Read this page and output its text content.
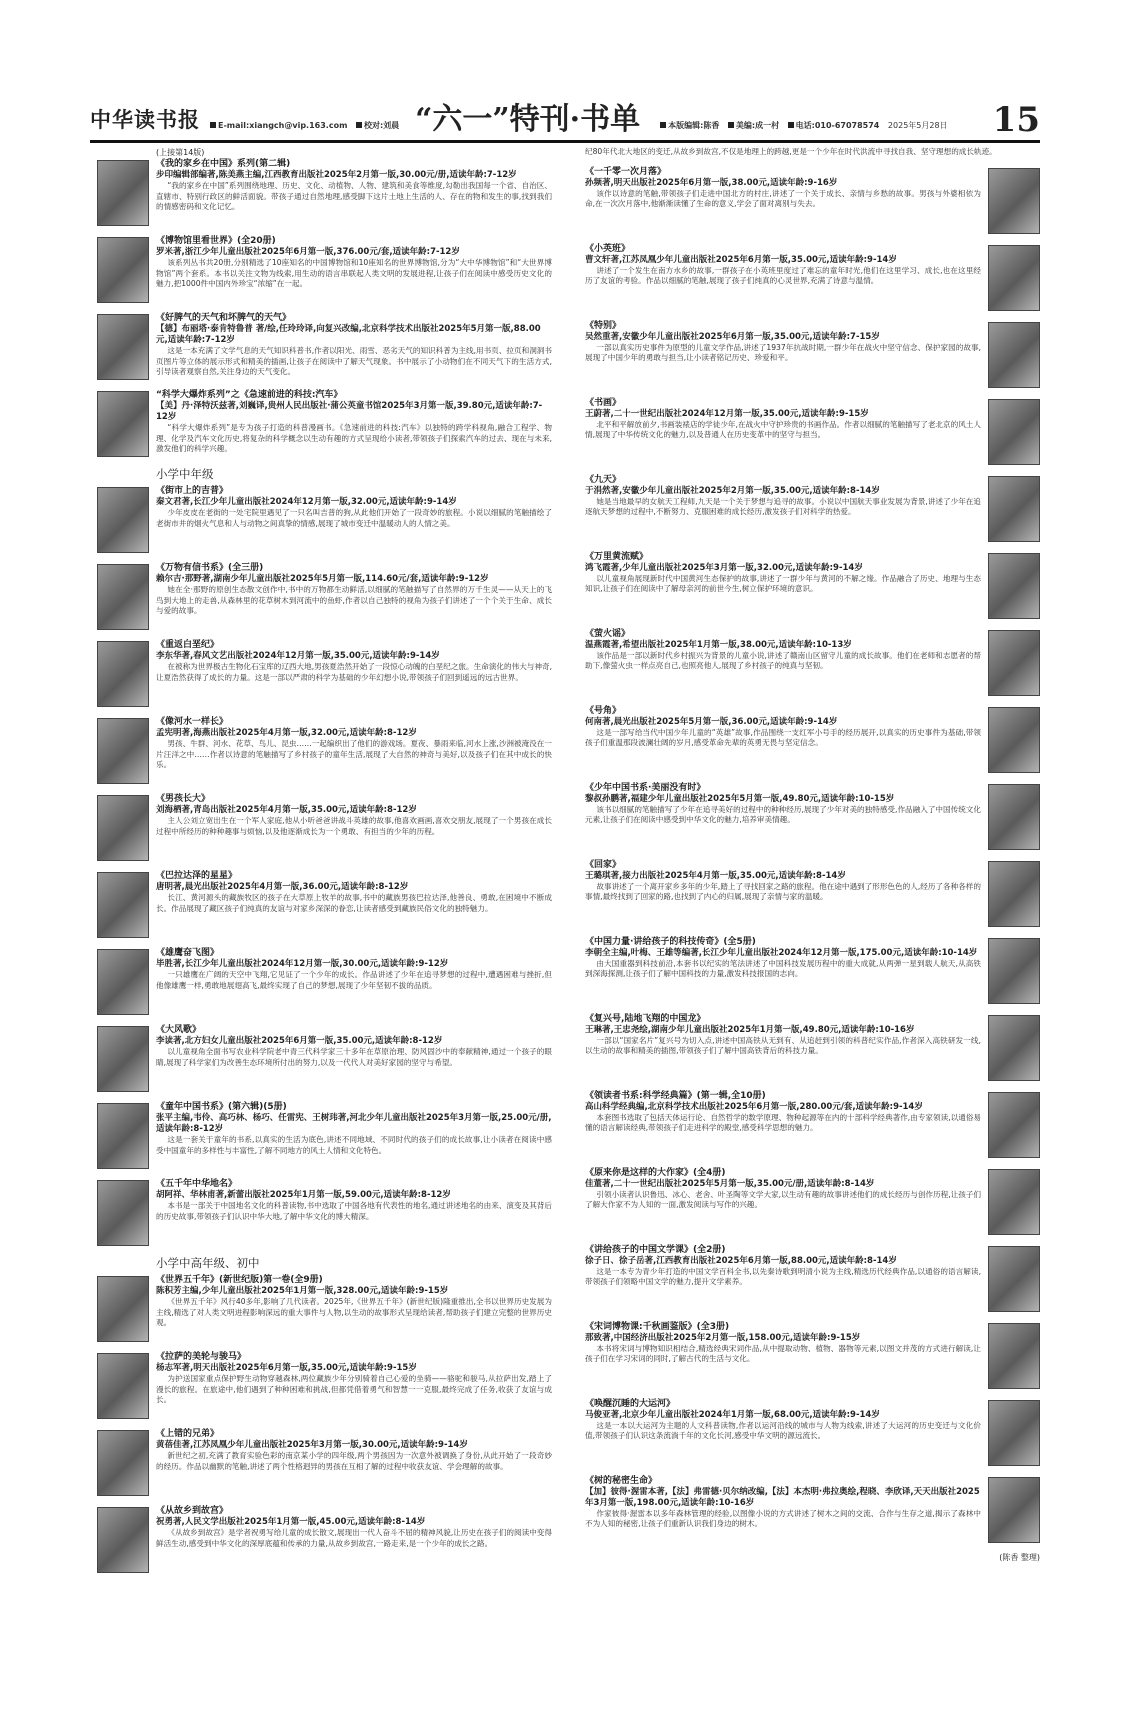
中华读书报	E-mail:xiangch@vip.163.com 校对:刘晨 “六一”特刊·书单	本版编辑:陈香 美编:成一村 电话:010-67078574 2025年5月28日 15
(上接第14版)
《我的家乡在中国》系列(第二辑)
步印编辑部编著,陈美燕主编,江西教育出版社2025年2月第一版,30.00元/册,适读年龄:7-12岁
“我的家乡在中国”系列围绕地理、历史、文化、动植物、人物、建筑和美食等维度,勾勒出我国每一个省、自治区、直辖市、特别行政区的鲜活面貌。带孩子通过自然地理,感受脚下这片土地上生活的人、存在的物和发生的事,找到我们的情感密码和文化记忆。
《博物馆里看世界》(全20册)
罗米著,浙江少年儿童出版社2025年6月第一版,376.00元/套,适读年龄:7-12岁
该系列丛书共20册,分别精选了10座知名的中国博物馆和10座知名的世界博物馆,分为“大中华博物馆”和“大世界博物馆”两个套系。本书以关注文物为线索,用生动的语言串联起人类文明的发展进程,让孩子们在阅读中感受历史文化的魅力,把1000件中国内外珍宝“浓缩”在一起。
《好脾气的天气和坏脾气的天气》
【德】布丽塔·泰肯特鲁普 著/绘,任玲玲译,向复兴改编,北京科学技术出版社2025年5月第一版,88.00元,适读年龄:7-12岁
这是一本充满了文学气息的天气知识科普书,作者以阳光、雨雪、恶劣天气的知识科普为主线,用书页、拉页和洞洞书页图片等立体的展示形式和精美的插画,让孩子在阅读中了解天气现象。书中展示了小动物们在不同天气下的生活方式,引导读者观察自然,关注身边的天气变化。
“科学大爆炸系列”之《急速前进的科技:汽车》
【美】丹·泽特沃兹著,刘巍译,贵州人民出版社·蒲公英童书馆2025年3月第一版,39.80元,适读年龄:7-12岁
“科学大爆炸系列”是专为孩子打造的科普漫画书。《急速前进的科技:汽车》以独特的跨学科视角,融合工程学、物理、化学及汽车文化历史,将复杂的科学概念以生动有趣的方式呈现给小读者,带领孩子们探索汽车的过去、现在与未来,激发他们的科学兴趣。
小学中年级
《街市上的吉普》
秦文君著,长江少年儿童出版社2024年12月第一版,32.00元,适读年龄:9-14岁
少年皮皮在老街的一处宅院里遇见了一只名叫吉普的狗,从此他们开始了一段奇妙的旅程。小说以细腻的笔触描绘了老街市井的烟火气息和人与动物之间真挚的情感,展现了城市变迁中温暖动人的人情之美。
《万物有信书系》(全三册)
赖尔吉·那野著,湖南少年儿童出版社2025年5月第一版,114.60元/套,适读年龄:9-12岁
她在全·那野的原创生态散文创作中,书中的万物都生动鲜活,以细腻的笔触描写了自然界的万千生灵——从天上的飞鸟到大地上的走兽,从森林里的花草树木到河流中的鱼虾,作者以自己独特的视角为孩子们讲述了一个个关于生命、成长与爱的故事。
《重返白垩纪》
李东华著,春风文艺出版社2024年12月第一版,35.00元,适读年龄:9-14岁
在被称为世界极古生物化石宝库的辽西大地,男孩夏浩然开始了一段惊心动魄的白垩纪之旅。生命演化的伟大与神奇,让夏浩然获得了成长的力量。这是一部以严肃的科学为基础的少年幻想小说,带领孩子们回到遥远的远古世界。
《像河水一样长》
孟宪明著,海燕出版社2025年4月第一版,32.00元,适读年龄:8-12岁
男孩、牛群、河水、花草、鸟儿、昆虫……一起编织出了他们的游戏场。夏夜、暴雨来临,河水上涨,沙洲被淹没在一片汪洋之中……作者以诗意的笔触描写了乡村孩子的童年生活,展现了大自然的神奇与美好,以及孩子们在其中成长的快乐。
《男孩长大》
刘海栖著,青岛出版社2025年4月第一版,35.00元,适读年龄:8-12岁
主人公刘立宽出生在一个军人家庭,他从小听爸爸讲战斗英雄的故事,他喜欢画画,喜欢交朋友,展现了一个男孩在成长过程中所经历的种种趣事与烦恼,以及他逐渐成长为一个勇敢、有担当的少年的历程。
《巴拉达泽的星星》
唐明著,晨光出版社2025年4月第一版,36.00元,适读年龄:8-12岁
长江、黄河源头的藏族牧区的孩子在大草原上牧羊的故事,书中的藏族男孩巴拉达泽,他善良、勇敢,在困境中不断成长。作品展现了藏区孩子们纯真的友谊与对家乡深深的眷恋,让读者感受到藏族民俗文化的独特魅力。
《雄鹰奋飞图》
毕胜著,长江少年儿童出版社2024年12月第一版,30.00元,适读年龄:9-12岁
一只雄鹰在广阔的天空中飞翔,它见证了一个少年的成长。作品讲述了少年在追寻梦想的过程中,遭遇困难与挫折,但他像雄鹰一样,勇敢地展翅高飞,最终实现了自己的梦想,展现了少年坚韧不拔的品质。
《大风歌》
李读著,北方妇女儿童出版社2025年6月第一版,35.00元,适读年龄:8-12岁
以儿童视角全面书写农业科学院老中青三代科学家三十多年在草原治理、防风固沙中的奉献精神,通过一个孩子的眼睛,展现了科学家们为改善生态环境所付出的努力,以及一代代人对美好家园的坚守与希望。
《童年中国书系》(第六辑)(5册)
张平主编,韦伶、高巧林、杨巧、任雷宪、王树玮著,河北少年儿童出版社2025年3月第一版,25.00元/册,适读年龄:8-12岁
这是一套关于童年的书系,以真实的生活为底色,讲述不同地域、不同时代的孩子们的成长故事,让小读者在阅读中感受中国童年的多样性与丰富性,了解不同地方的风土人情和文化特色。
《五千年中华地名》
胡阿祥、华林甫著,新蕾出版社2025年1月第一版,59.00元,适读年龄:8-12岁
本书是一部关于中国地名文化的科普读物,书中选取了中国各地有代表性的地名,通过讲述地名的由来、演变及其背后的历史故事,带领孩子们认识中华大地,了解中华文化的博大精深。
小学中高年级、初中
《世界五千年》(新世纪版)第一卷(全9册)
陈积芳主编,少年儿童出版社2025年1月第一版,328.00元,适读年龄:9-15岁
《世界五千年》风行40多年,影响了几代读者。2025年,《世界五千年》(新世纪版)隆重推出,全书以世界历史发展为主线,精选了对人类文明进程影响深远的重大事件与人物,以生动的故事形式呈现给读者,帮助孩子们建立完整的世界历史观。
《拉萨的美轮与骏马》
杨志军著,明天出版社2025年6月第一版,35.00元,适读年龄:9-15岁
为护送国家重点保护野生动物穿越森林,两位藏族少年分别骑着自己心爱的坐骑——骆驼和骏马,从拉萨出发,踏上了漫长的旅程。在旅途中,他们遇到了种种困难和挑战,但都凭借着勇气和智慧一一克服,最终完成了任务,收获了友谊与成长。
《上错的兄弟》
黄蓓佳著,江苏凤凰少年儿童出版社2025年3月第一版,30.00元,适读年龄:9-14岁
新世纪之初,充满了教育实验色彩的南京某小学的四年级,两个男孩因为一次意外被调换了身份,从此开始了一段奇妙的经历。作品以幽默的笔触,讲述了两个性格迥异的男孩在互相了解的过程中收获友谊、学会理解的故事。
《从故乡到故宫》
祝勇著,人民文学出版社2025年1月第一版,45.00元,适读年龄:8-14岁
《从故乡到故宫》是学者祝勇写给儿童的成长散文,展现出一代人奋斗不屈的精神风貌,让历史在孩子们的阅读中变得鲜活生动,感受到中华文化的深厚底蕴和传承的力量,从故乡到故宫,一路走来,是一个少年的成长之路。
纪80年代北大地区的变迁,从故乡到故宫,不仅是地理上的跨越,更是一个少年在时代洪流中寻找自我、坚守理想的成长轨迹。
《一千零一次月落》
孙频著,明天出版社2025年6月第一版,38.00元,适读年龄:9-16岁
该作以诗意的笔触,带领孩子们走进中国北方的村庄,讲述了一个关于成长、亲情与乡愁的故事。男孩与外婆相依为命,在一次次月落中,他渐渐读懂了生命的意义,学会了面对离别与失去。
《小英班》
曹文轩著,江苏凤凰少年儿童出版社2025年6月第一版,35.00元,适读年龄:9-14岁
讲述了一个发生在南方水乡的故事,一群孩子在小英班里度过了难忘的童年时光,他们在这里学习、成长,也在这里经历了友谊的考验。作品以细腻的笔触,展现了孩子们纯真的心灵世界,充满了诗意与温情。
《特别》
吴然重著,安徽少年儿童出版社2025年6月第一版,35.00元,适读年龄:7-15岁
一部以真实历史事件为原型的儿童文学作品,讲述了1937年抗战时期,一群少年在战火中坚守信念、保护家园的故事,展现了中国少年的勇敢与担当,让小读者铭记历史、珍爱和平。
《书画》
王蔚著,二十一世纪出版社2024年12月第一版,35.00元,适读年龄:9-15岁
北平和平解放前夕,书画装裱店的学徒少年,在战火中守护珍贵的书画作品。作者以细腻的笔触描写了老北京的风土人情,展现了中华传统文化的魅力,以及普通人在历史变革中的坚守与担当。
《九天》
于涓然著,安徽少年儿童出版社2025年2月第一版,35.00元,适读年龄:8-14岁
她是当地最早的女航天工程师,九天是一个关于梦想与追寻的故事。小说以中国航天事业发展为背景,讲述了少年在追逐航天梦想的过程中,不断努力、克服困难的成长经历,激发孩子们对科学的热爱。
《万里黄流赋》
鸿飞霞著,少年儿童出版社2025年3月第一版,32.00元,适读年龄:9-14岁
以儿童视角展现新时代中国黄河生态保护的故事,讲述了一群少年与黄河的不解之缘。作品融合了历史、地理与生态知识,让孩子们在阅读中了解母亲河的前世今生,树立保护环境的意识。
《萤火谣》
温燕霞著,希望出版社2025年1月第一版,38.00元,适读年龄:10-13岁
该作品是一部以新时代乡村振兴为背景的儿童小说,讲述了赣南山区留守儿童的成长故事。他们在老师和志愿者的帮助下,像萤火虫一样点亮自己,也照亮他人,展现了乡村孩子的纯真与坚韧。
《号角》
何南著,晨光出版社2025年5月第一版,36.00元,适读年龄:9-14岁
这是一部写给当代中国少年儿童的“英雄”故事,作品围绕一支红军小号手的经历展开,以真实的历史事件为基础,带领孩子们重温那段波澜壮阔的岁月,感受革命先辈的英勇无畏与坚定信念。
《少年中国书系·美丽没有时》
黎叔孙鹏著,福建少年儿童出版社2025年5月第一版,49.80元,适读年龄:10-15岁
该书以细腻的笔触描写了少年在追寻美好的过程中的种种经历,展现了少年对美的独特感受,作品融入了中国传统文化元素,让孩子们在阅读中感受到中华文化的魅力,培养审美情趣。
《回家》
王璐琪著,接力出版社2025年4月第一版,35.00元,适读年龄:8-14岁
故事讲述了一个离开家乡多年的少年,踏上了寻找回家之路的旅程。他在途中遇到了形形色色的人,经历了各种各样的事情,最终找到了回家的路,也找到了内心的归属,展现了亲情与家的温暖。
《中国力量·讲给孩子的科技传奇》(全5册)
李朝全主编,叶梅、王雄等编著,长江少年儿童出版社2024年12月第一版,175.00元,适读年龄:10-14岁
由大国重器到科技前沿,本套书以纪实的笔法讲述了中国科技发展历程中的重大成就,从两弹一星到载人航天,从高铁到深海探测,让孩子们了解中国科技的力量,激发科技报国的志向。
《复兴号,陆地飞翔的中国龙》
王琳著,王忠尧绘,湖南少年儿童出版社2025年1月第一版,49.80元,适读年龄:10-16岁
一部以“国家名片”复兴号为切入点,讲述中国高铁从无到有、从追赶到引领的科普纪实作品,作者深入高铁研发一线,以生动的故事和精美的插图,带领孩子们了解中国高铁背后的科技力量。
《领读者书系:科学经典篇》(第一辑,全10册)
高山科学经典编,北京科学技术出版社2025年6月第一版,280.00元/套,适读年龄:9-14岁
本套图书选取了包括天体运行论、自然哲学的数学原理、物种起源等在内的十部科学经典著作,由专家领读,以通俗易懂的语言解读经典,带领孩子们走进科学的殿堂,感受科学思想的魅力。
《原来你是这样的大作家》(全4册)
佳董著,二十一世纪出版社2025年5月第一版,35.00元/册,适读年龄:8-14岁
引领小读者认识鲁迅、冰心、老舍、叶圣陶等文学大家,以生动有趣的故事讲述他们的成长经历与创作历程,让孩子们了解大作家不为人知的一面,激发阅读与写作的兴趣。
《讲给孩子的中国文学课》(全2册)
徐子日、徐子岳著,江西教育出版社2025年6月第一版,88.00元,适读年龄:8-14岁
这是一本专为青少年打造的中国文学百科全书,以先秦诗歌到明清小说为主线,精选历代经典作品,以通俗的语言解读,带领孩子们领略中国文学的魅力,提升文学素养。
《宋词博物课:千秋画鉴版》(全3册)
那致著,中国经济出版社2025年2月第一版,158.00元,适读年龄:9-15岁
本书将宋词与博物知识相结合,精选经典宋词作品,从中提取动物、植物、器物等元素,以图文并茂的方式进行解读,让孩子们在学习宋词的同时,了解古代的生活与文化。
《唤醒沉睡的大运河》
马俊亚著,北京少年儿童出版社2024年1月第一版,68.00元,适读年龄:9-14岁
这是一本以大运河为主题的人文科普读物,作者以运河沿线的城市与人物为线索,讲述了大运河的历史变迁与文化价值,带领孩子们认识这条流淌千年的文化长河,感受中华文明的源远流长。
《树的秘密生命》
【加】彼得·渥雷本著,【法】弗雷德·贝尔纳改编,【法】本杰明·弗拉奥绘,程晓、李欣译,天天出版社2025年3月第一版,198.00元,适读年龄:10-16岁
作家彼得·渥雷本以多年森林管理的经验,以图像小说的方式讲述了树木之间的交流、合作与生存之道,揭示了森林中不为人知的秘密,让孩子们重新认识我们身边的树木。
(陈香 整理)
